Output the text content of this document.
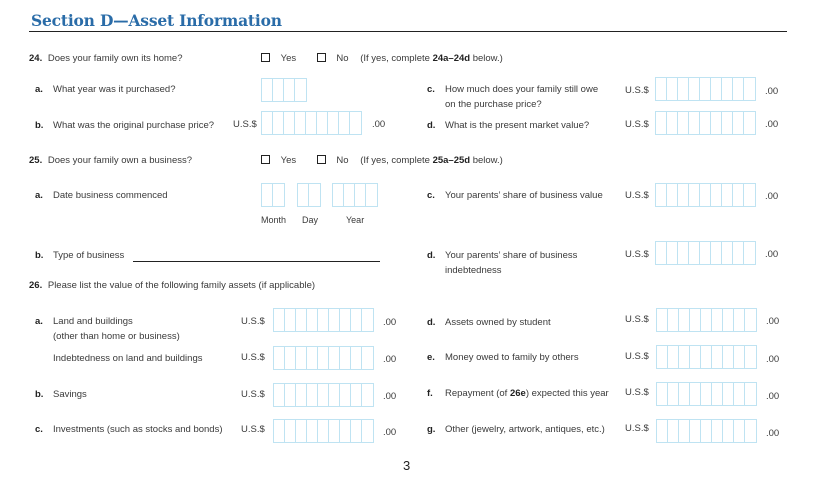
Section D—Asset Information
24. Does your family own its home?	Yes	No (If yes, complete 24a–24d below.)
a. What year was it purchased?
b. What was the original purchase price? U.S.$	.00
c. How much does your family still owe
on the purchase price?
U.S.$	.00
d. What is the present market value?	U.S.$	.00
25. Does your family own a business?	Yes	No (If yes, complete 25a–25d below.)
a. Date business commenced
Month Day	Year
b. Type of business
c. Your parents’ share of business value U.S.$	.00
d. Your parents’ share of business
indebtedness
U.S.$	.00
26. Please list the value of the following family assets (if applicable)
a. Land and buildings
(other than home or business)
U.S.$	.00
Indebtedness on land and buildings	U.S.$	.00
b. Savings	U.S.$	.00
c. Investments (such as stocks and bonds) U.S.$	.00
d. Assets owned by student	U.S.$	.00
e. Money owed to family by others	U.S.$	.00
f. Repayment (of 26e) expected this year U.S.$	.00
g. Other (jewelry, artwork, antiques, etc.) U.S.$	.00
3
